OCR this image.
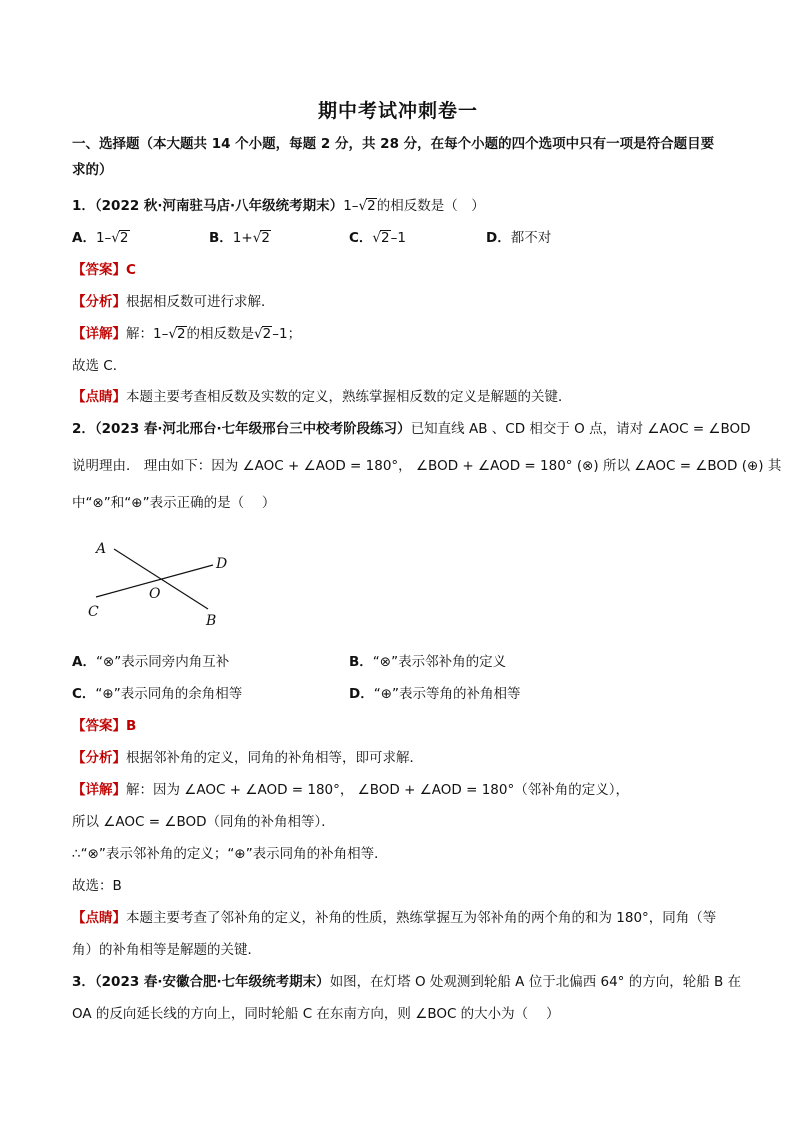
期中考试冲刺卷一
一、选择题（本大题共 14 个小题，每题 2 分，共 28 分，在每个小题的四个选项中只有一项是符合题目要
求的）
1．（2022 秋·河南驻马店·八年级统考期末）1–√2的相反数是（　）
A．1–√2	B．1+√2	C．√2–1	D．都不对
【答案】C
【分析】根据相反数可进行求解．
【详解】解：1–√2的相反数是√2–1；
故选 C．
【点睛】本题主要考查相反数及实数的定义，熟练掌握相反数的定义是解题的关键．
2．（2023 春·河北邢台·七年级邢台三中校考阶段练习）已知直线 AB 、CD 相交于 O 点，请对 ∠AOC = ∠BOD
说明理由． 理由如下：因为 ∠AOC + ∠AOD = 180°， ∠BOD + ∠AOD = 180° (⊗) 所以 ∠AOC = ∠BOD (⊕) 其
中“⊗”和“⊕”表示正确的是（　 ）
A
D
O
C
B
A．“⊗”表示同旁内角互补	B．“⊗”表示邻补角的定义
C．“⊕”表示同角的余角相等	D．“⊕”表示等角的补角相等
【答案】B
【分析】根据邻补角的定义，同角的补角相等，即可求解．
【详解】解：因为 ∠AOC + ∠AOD = 180°， ∠BOD + ∠AOD = 180°（邻补角的定义），
所以 ∠AOC = ∠BOD（同角的补角相等）．
∴“⊗”表示邻补角的定义；“⊕”表示同角的补角相等．
故选：B
【点睛】本题主要考查了邻补角的定义，补角的性质，熟练掌握互为邻补角的两个角的和为 180°，同角（等
角）的补角相等是解题的关键．
3．（2023 春·安徽合肥·七年级统考期末）如图，在灯塔 O 处观测到轮船 A 位于北偏西 64° 的方向，轮船 B 在
OA 的反向延长线的方向上，同时轮船 C 在东南方向，则 ∠BOC 的大小为（　 ）
